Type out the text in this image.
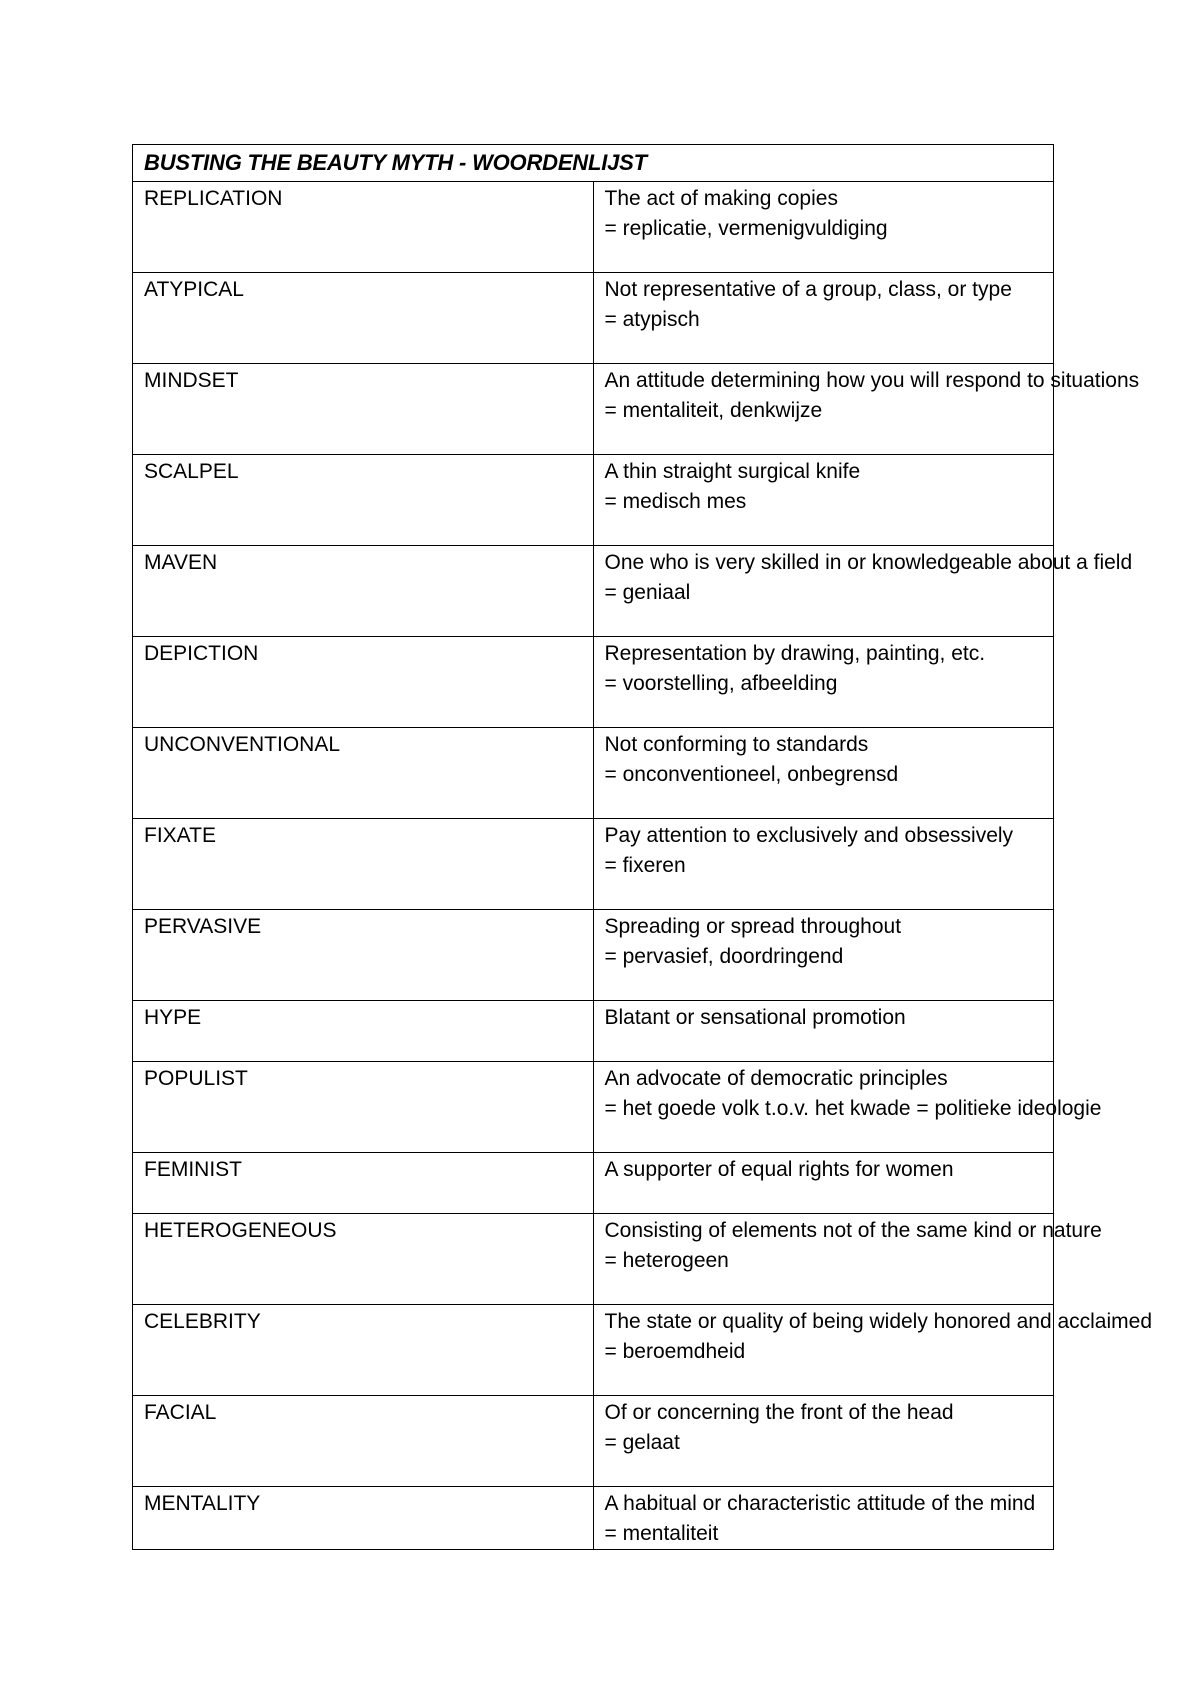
BUSTING THE BEAUTY MYTH - WOORDENLIJST	
REPLICATION	The act of making copies
= replicatie, vermenigvuldiging

ATYPICAL	Not representative of a group, class, or type
= atypisch

MINDSET	An attitude determining how you will respond to situations
= mentaliteit, denkwijze

SCALPEL	A thin straight surgical knife
= medisch mes

MAVEN	One who is very skilled in or knowledgeable about a field
= geniaal

DEPICTION	Representation by drawing, painting, etc.
= voorstelling, afbeelding

UNCONVENTIONAL	Not conforming to standards
= onconventioneel, onbegrensd

FIXATE	Pay attention to exclusively and obsessively
= fixeren

PERVASIVE	Spreading or spread throughout
= pervasief, doordringend

HYPE	Blatant or sensational promotion

POPULIST	An advocate of democratic principles
= het goede volk t.o.v. het kwade = politieke ideologie

FEMINIST	A supporter of equal rights for women

HETEROGENEOUS	Consisting of elements not of the same kind or nature
= heterogeen

CELEBRITY	The state or quality of being widely honored and acclaimed
= beroemdheid

FACIAL	Of or concerning the front of the head
= gelaat

MENTALITY	A habitual or characteristic attitude of the mind
= mentaliteit
